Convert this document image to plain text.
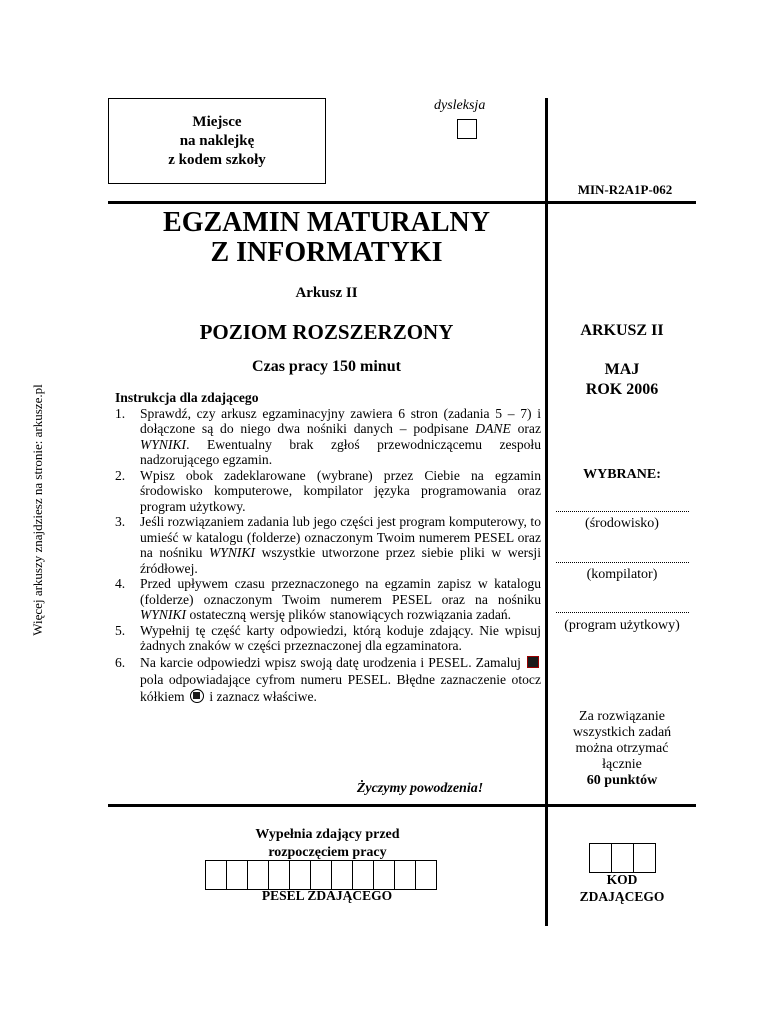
Miejsce
na naklejkę
z kodem szkoły
dysleksja
MIN-R2A1P-062
EGZAMIN MATURALNY
Z INFORMATYKI
Arkusz II
POZIOM ROZSZERZONY
Czas pracy 150 minut
Instrukcja dla zdającego
1. Sprawdź, czy arkusz egzaminacyjny zawiera 6 stron (zadania 5 – 7) i dołączone są do niego dwa nośniki danych – podpisane DANE oraz WYNIKI. Ewentualny brak zgłoś przewodniczącemu zespołu nadzorującego egzamin.
2. Wpisz obok zadeklarowane (wybrane) przez Ciebie na egzamin środowisko komputerowe, kompilator języka programowania oraz program użytkowy.
3. Jeśli rozwiązaniem zadania lub jego części jest program komputerowy, to umieść w katalogu (folderze) oznaczonym Twoim numerem PESEL oraz na nośniku WYNIKI wszystkie utworzone przez siebie pliki w wersji źródłowej.
4. Przed upływem czasu przeznaczonego na egzamin zapisz w katalogu (folderze) oznaczonym Twoim numerem PESEL oraz na nośniku WYNIKI ostateczną wersję plików stanowiących rozwiązania zadań.
5. Wypełnij tę część karty odpowiedzi, którą koduje zdający. Nie wpisuj żadnych znaków w części przeznaczonej dla egzaminatora.
6. Na karcie odpowiedzi wpisz swoją datę urodzenia i PESEL. Zamaluj  pola odpowiadające cyfrom numeru PESEL. Błędne zaznaczenie otocz kółkiem  i zaznacz właściwe.
Życzymy powodzenia!
ARKUSZ II
MAJ
ROK 2006
WYBRANE:
(środowisko)
(kompilator)
(program użytkowy)
Za rozwiązanie
wszystkich zadań
można otrzymać
łącznie
60 punktów
Wypełnia zdający przed
rozpoczęciem pracy
PESEL ZDAJĄCEGO
KOD
ZDAJĄCEGO
Więcej arkuszy znajdziesz na stronie: arkusze.pl
